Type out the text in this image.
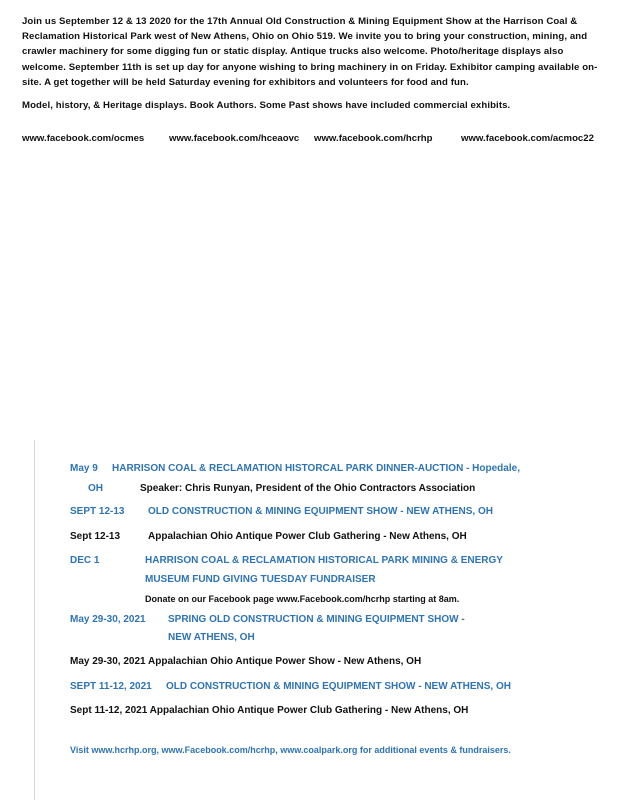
Join us September 12 & 13 2020 for the 17th Annual Old Construction & Mining Equipment Show at the Harrison Coal & Reclamation Historical Park west of New Athens, Ohio on Ohio 519. We invite you to bring your construction, mining, and crawler machinery for some digging fun or static display. Antique trucks also welcome. Photo/heritage displays also welcome. September 11th is set up day for anyone wishing to bring machinery in on Friday. Exhibitor camping available on-site. A get together will be held Saturday evening for exhibitors and volunteers for food and fun.

Model, history, & Heritage displays. Book Authors. Some Past shows have included commercial exhibits.

www.facebook.com/ocmes	www.facebook.com/hceaovc www.facebook.com/hcrhp	www.facebook.com/acmoc22
May 9 HARRISON COAL & RECLAMATION HISTORCAL PARK DINNER-AUCTION - Hopedale,
OH	Speaker: Chris Runyan, President of the Ohio Contractors Association
SEPT 12-13 OLD CONSTRUCTION & MINING EQUIPMENT SHOW - NEW ATHENS, OH
Sept 12-13	Appalachian Ohio Antique Power Club Gathering - New Athens, OH
DEC 1	HARRISON COAL & RECLAMATION HISTORICAL PARK MINING & ENERGY
MUSEUM FUND GIVING TUESDAY FUNDRAISER
Donate on our Facebook page www.Facebook.com/hcrhp starting at 8am.
May 29-30, 2021 SPRING OLD CONSTRUCTION & MINING EQUIPMENT SHOW -
NEW ATHENS, OH
May 29-30, 2021 Appalachian Ohio Antique Power Show - New Athens, OH
SEPT 11-12, 2021 OLD CONSTRUCTION & MINING EQUIPMENT SHOW - NEW ATHENS, OH
Sept 11-12, 2021 Appalachian Ohio Antique Power Club Gathering - New Athens, OH
Visit www.hcrhp.org, www.Facebook.com/hcrhp, www.coalpark.org for additional events & fundraisers.
